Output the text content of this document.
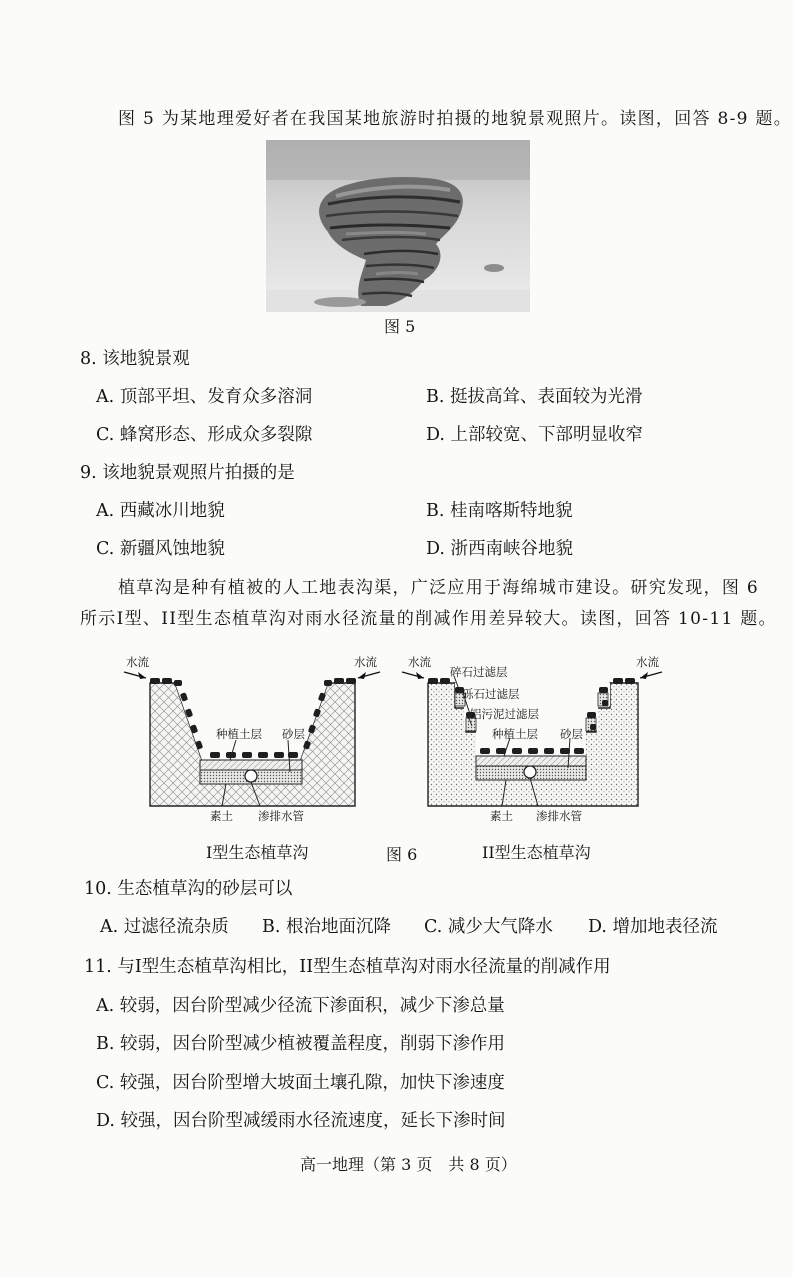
图 5 为某地理爱好者在我国某地旅游时拍摄的地貌景观照片。读图，回答 8-9 题。
图 5
8. 该地貌景观
A. 顶部平坦、发育众多溶洞	B. 挺拔高耸、表面较为光滑
C. 蜂窝形态、形成众多裂隙	D. 上部较宽、下部明显收窄
9. 该地貌景观照片拍摄的是
A. 西藏冰川地貌	B. 桂南喀斯特地貌
C. 新疆风蚀地貌	D. 浙西南峡谷地貌
植草沟是种有植被的人工地表沟渠，广泛应用于海绵城市建设。研究发现，图 6
所示I型、II型生态植草沟对雨水径流量的削减作用差异较大。读图，回答 10-11 题。
水流	水流
种植土层 砂层
素土 渗排水管
水流	水流
碎石过滤层
砾石过滤层
铝污泥过滤层
种植土层 砂层
素土 渗排水管
I型生态植草沟	图 6	II型生态植草沟
10. 生态植草沟的砂层可以
A. 过滤径流杂质 B. 根治地面沉降 C. 减少大气降水 D. 增加地表径流
11. 与I型生态植草沟相比，II型生态植草沟对雨水径流量的削减作用
A. 较弱，因台阶型减少径流下渗面积，减少下渗总量
B. 较弱，因台阶型减少植被覆盖程度，削弱下渗作用
C. 较强，因台阶型增大坡面土壤孔隙，加快下渗速度
D. 较强，因台阶型减缓雨水径流速度，延长下渗时间
高一地理（第 3 页　共 8 页）
